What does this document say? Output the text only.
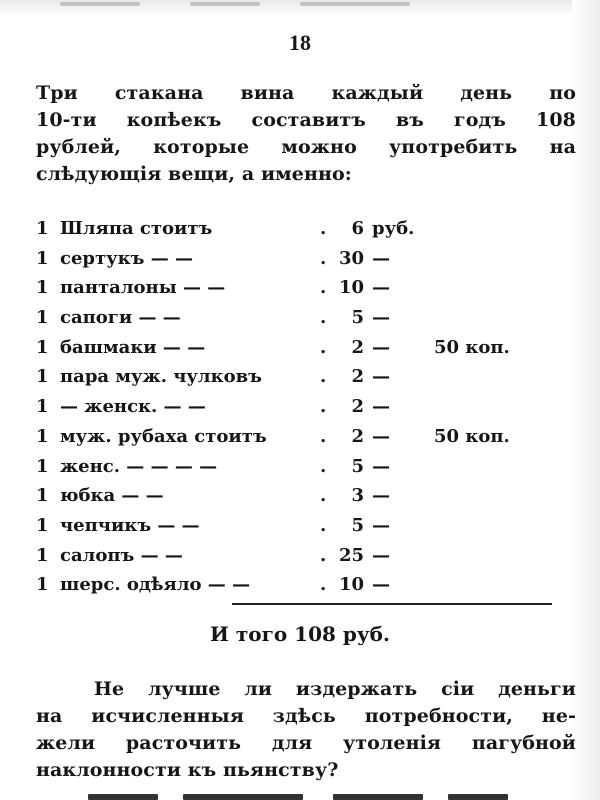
18
Три стакана вина каждый день по
10-ти копѣекъ составитъ въ годъ 108
рублей, которые можно употребить на
слѣдующія вещи, а именно:
1 Шляпа стоитъ	.	6 руб.
1 сертукъ — —	. 30 —
1 панталоны — —	. 10 —
1 сапоги — —	.	5 —
1 башмаки — —	.	2 — 50 коп.
1 пара муж. чулковъ	.	2 —
1 — женск. — —	.	2 —
1 муж. рубаха стоитъ	.	2 — 50 коп.
1 женс. — — — —	.	5 —
1 юбка — —	.	3 —
1 чепчикъ — —	.	5 —
1 салопъ — —	. 25 —
1 шерс. одѣяло — —	. 10 —
И того 108 руб.
Не лучше ли издержать сіи деньги
на исчисленныя здѣсь потребности, не-
жели расточить для утоленія пагубной
наклонности къ пьянству?
